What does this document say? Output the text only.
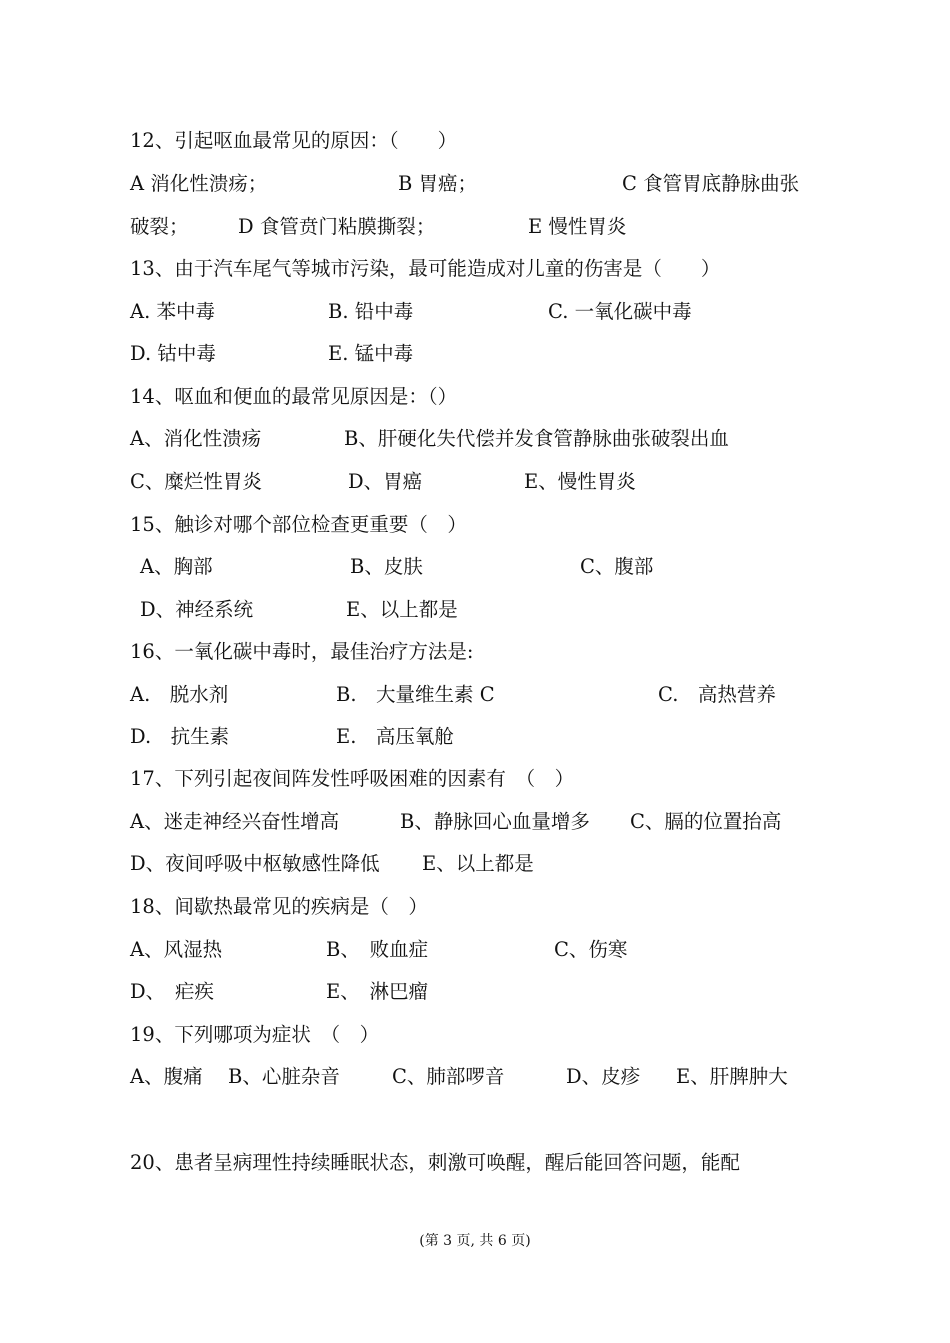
12、引起呕血最常见的原因：（　　）
A 消化性溃疡；	B 胃癌；	C 食管胃底静脉曲张
破裂；	D 食管贲门粘膜撕裂；	E 慢性胃炎
13、由于汽车尾气等城市污染，最可能造成对儿童的伤害是（　　）
A. 苯中毒	B. 铅中毒	C. 一氧化碳中毒
D. 钴中毒	E. 锰中毒
14、呕血和便血的最常见原因是：（）
A、消化性溃疡	B、肝硬化失代偿并发食管静脉曲张破裂出血
C、糜烂性胃炎	D、胃癌	E、慢性胃炎
15、触诊对哪个部位检查更重要（　）
A、胸部	B、皮肤	C、腹部
D、神经系统	E、以上都是
16、一氧化碳中毒时，最佳治疗方法是:
A.　脱水剂	B.　大量维生素 C	C.　高热营养
D.　抗生素	E.　高压氧舱
17、下列引起夜间阵发性呼吸困难的因素有　（　）
A、迷走神经兴奋性增高	B、静脉回心血量增多 C、膈的位置抬高
D、夜间呼吸中枢敏感性降低 E、以上都是
18、间歇热最常见的疾病是（　）
A、风湿热	B、　败血症	C、伤寒
D、　疟疾	E、　淋巴瘤
19、下列哪项为症状　（　）
A、腹痛 B、心脏杂音	C、肺部啰音	D、皮疹 E、肝脾肿大
20、患者呈病理性持续睡眠状态，刺激可唤醒，醒后能回答问题，能配
(第 3 页, 共 6 页)
